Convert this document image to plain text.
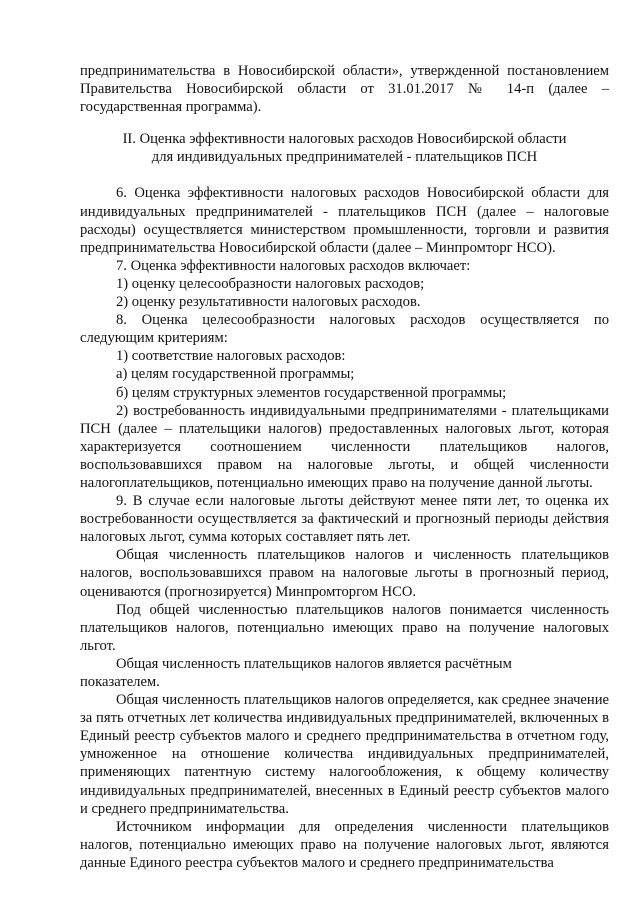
предпринимательства в Новосибирской области», утвержденной постановлением Правительства Новосибирской области от 31.01.2017 № 14-п (далее – государственная программа).

II. Оценка эффективности налоговых расходов Новосибирской области
для индивидуальных предпринимателей - плательщиков ПСН

6. Оценка эффективности налоговых расходов Новосибирской области для индивидуальных предпринимателей - плательщиков ПСН (далее – налоговые расходы) осуществляется министерством промышленности, торговли и развития предпринимательства Новосибирской области (далее – Минпромторг НСО).

7. Оценка эффективности налоговых расходов включает:

1) оценку целесообразности налоговых расходов;

2) оценку результативности налоговых расходов.

8. Оценка целесообразности налоговых расходов осуществляется по следующим критериям:

1) соответствие налоговых расходов:

а) целям государственной программы;

б) целям структурных элементов государственной программы;

2) востребованность индивидуальными предпринимателями - плательщиками ПСН (далее – плательщики налогов) предоставленных налоговых льгот, которая характеризуется соотношением численности плательщиков налогов, воспользовавшихся правом на налоговые льготы, и общей численности налогоплательщиков, потенциально имеющих право на получение данной льготы.

9. В случае если налоговые льготы действуют менее пяти лет, то оценка их востребованности осуществляется за фактический и прогнозный периоды действия налоговых льгот, сумма которых составляет пять лет.

Общая численность плательщиков налогов и численность плательщиков налогов, воспользовавшихся правом на налоговые льготы в прогнозный период, оцениваются (прогнозируется) Минпромторгом НСО.

Под общей численностью плательщиков налогов понимается численность плательщиков налогов, потенциально имеющих право на получение налоговых льгот.

Общая численность плательщиков налогов является расчётным

показателем.

Общая численность плательщиков налогов определяется, как среднее значение за пять отчетных лет количества индивидуальных предпринимателей, включенных в Единый реестр субъектов малого и среднего предпринимательства в отчетном году, умноженное на отношение количества индивидуальных предпринимателей, применяющих патентную систему налогообложения, к общему количеству индивидуальных предпринимателей, внесенных в Единый реестр субъектов малого и среднего предпринимательства.

Источником информации для определения численности плательщиков налогов, потенциально имеющих право на получение налоговых льгот, являются данные Единого реестра субъектов малого и среднего предпринимательства
